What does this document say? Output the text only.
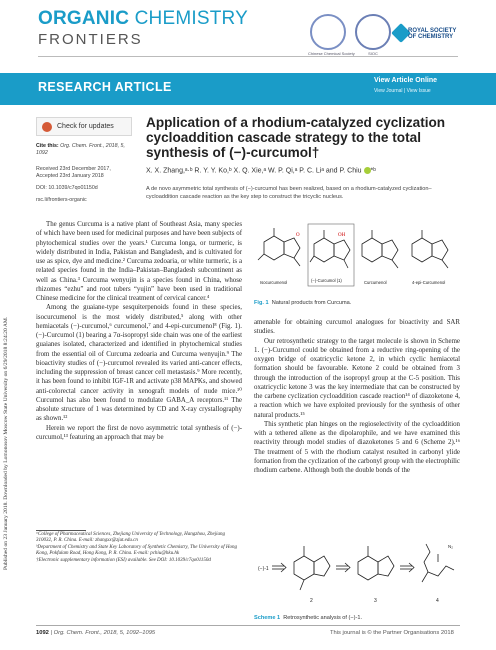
ORGANIC CHEMISTRY
FRONTIERS
Chinese Chemical Society	SIOC
ROYAL SOCIETY
OF CHEMISTRY
RESEARCH ARTICLE	View Article Online
View Journal | View Issue
Published on 23 January 2018. Downloaded by Lomonosov Moscow State University on 6/29/2018 8:24:20 AM.
Check for updates
Cite this: Org. Chem. Front., 2018, 5, 1092
Received 23rd December 2017,
Accepted 23rd January 2018
DOI: 10.1039/c7qo01150d
rsc.li/frontiers-organic
Application of a rhodium-catalyzed cyclization cycloaddition cascade strategy to the total synthesis of (−)-curcumol†
X. X. Zhang,ᵃ·ᵇ R. Y. Y. Ko,ᵇ X. Q. Xie,ᵃ W. P. Qi,ᵃ P. C. Liᵃ and P. Chiu *ᵇ
A de novo asymmetric total synthesis of (−)-curcumol has been realized, based on a rhodium-catalyzed cyclization–cycloaddition cascade reaction as the key step to construct the tricyclic nucleus.

The genus Curcuma is a native plant of Southeast Asia, many species of which have been used for medicinal purposes and have been subjects of phytochemical studies over the years.¹ Curcuma longa, or turmeric, is widely distributed in India, Pakistan and Bangladesh, and is cultivated for use as spice, dye and medicine.² Curcuma zedoaria, or white turmeric, is a related species found in the India–Pakistan–Bangladesh subcontinent as well as China.³ Curcuma wenyujin is a species found in China, whose rhizomes “ezhu” and root tubers “yujin” have been used in traditional Chinese medicine for the clinical treatment of cervical cancer.⁴

Among the guaiane-type sesquiterpenoids found in these species, isocurcumenol is the most widely distributed,⁵ along with other hemiacetals (−)-curcumol,⁶ curcumenol,⁷ and 4-epi-curcumenol⁸ (Fig. 1). (−)-Curcumol (1) bearing a 7α-isopropyl side chain was one of the earliest guaianes isolated, characterized and identified in phytochemical studies from the essential oil of Curcuma zedoaria and Curcuma wenyujin.⁹ The bioactivity studies of (−)-curcumol revealed its varied anti-cancer effects, including the suppression of breast cancer cell metastasis.⁹ More recently, it has been found to inhibit IGF-1R and activate p38 MAPKs, and showed anti-colorectal cancer activity in xenograft models of nude mice.¹⁰ Curcumol has also been found to modulate GABA_A receptors.¹¹ The absolute structure of 1 was determined by CD and X-ray crystallography as shown.¹²

Herein we report the first de novo asymmetric total synthesis of (−)-curcumol,¹³ featuring an approach that may be

ᵃCollege of Pharmaceutical Sciences, Zhejiang University of Technology, Hangzhou, Zhejiang 310032, P. R. China. E-mail: zhangxx@zjut.edu.cn
ᵇDepartment of Chemistry and State Key Laboratory of Synthetic Chemistry, The University of Hong Kong, Pokfulam Road, Hong Kong, P. R. China. E-mail: pchiu@hku.hk
†Electronic supplementary information (ESI) available. See DOI: 10.1039/c7qo01150d
O	OH
Isocurcumenol	(−)-Curcumol (1)	Curcumenol	4-epi-Curcumenol
Fig. 1 Natural products from Curcuma.

amenable for obtaining curcumol analogues for bioactivity and SAR studies.

Our retrosynthetic strategy to the target molecule is shown in Scheme 1. (−)-Curcumol could be obtained from a reductive ring-opening of the oxygen bridge of oxatricyclic ketone 2, in which cyclic hemiacetal formation should be favourable. Ketone 2 could be obtained from 3 through the introduction of the isopropyl group at the C-5 position. This oxatricyclic ketone 3 was the key intermediate that can be constructed by the carbene cyclization cycloaddition cascade reaction¹⁴ of diazoketone 4, a reaction which we have exploited previously for the synthesis of other natural products.¹⁵

This synthetic plan hinges on the regioselectivity of the cycloaddition with a tethered allene as the dipolarophile, and we have examined this reactivity through model studies of diazoketones 5 and 6 (Scheme 2).¹⁶ The treatment of 5 with the rhodium catalyst resulted in carbonyl ylide formation from the cyclization of the carbonyl group with the electrophilic rhodium carbene. Although both the double bonds of the

(−)-1
2	3	4
N₂
Scheme 1 Retrosynthetic analysis of (−)-1.
1092 | Org. Chem. Front., 2018, 5, 1092–1095	This journal is © the Partner Organisations 2018
